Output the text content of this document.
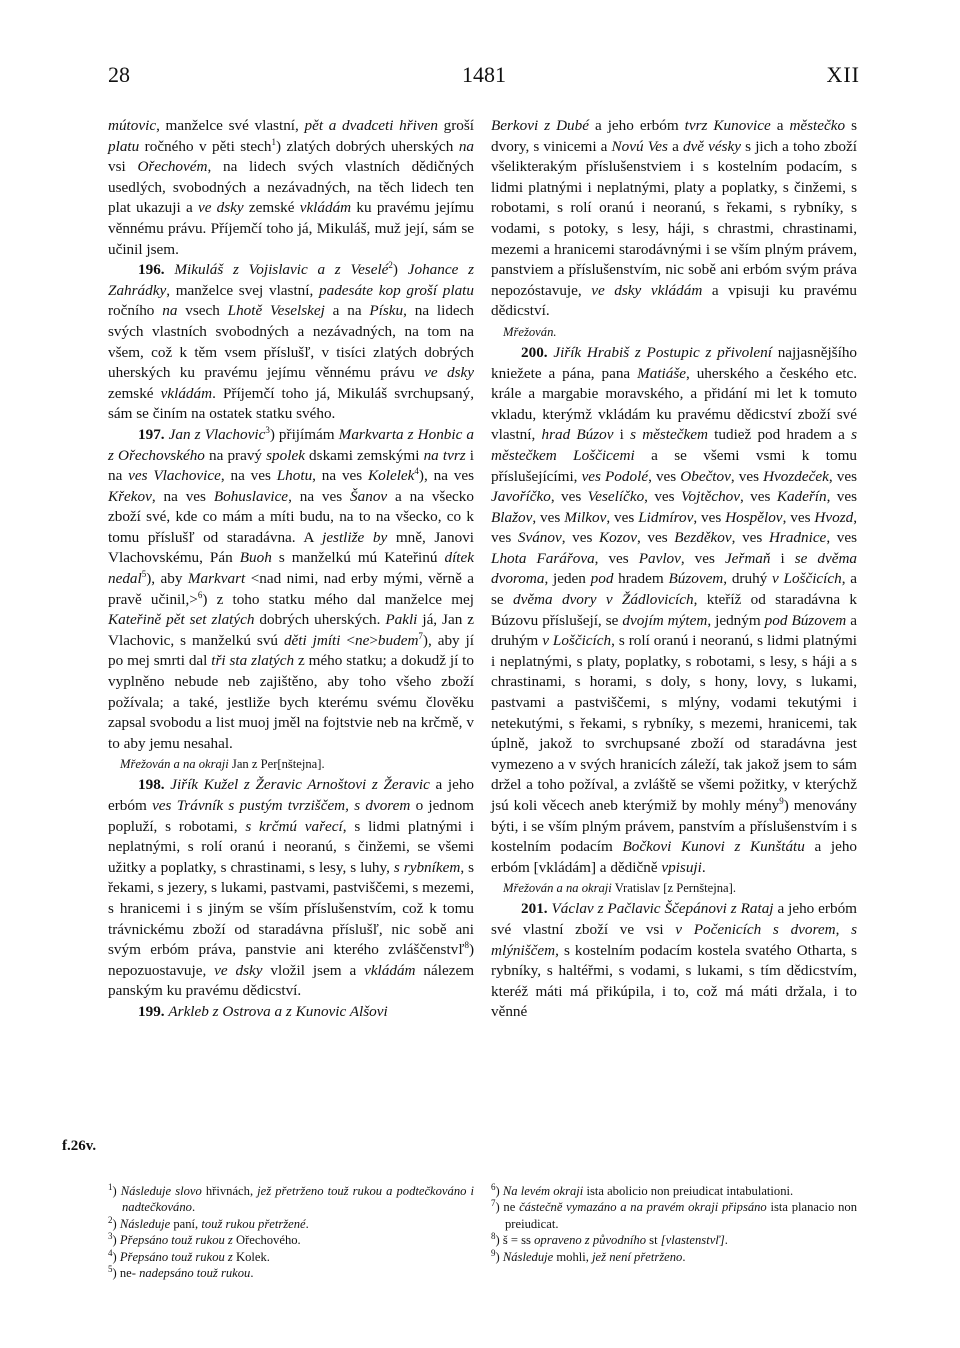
28	1481	XII

mútovic, manželce své vlastní, pět a dvadceti hřiven groší platu ročného v pěti stech$^1$) zlatých dobrých uherských na vsi Ořechovém, na lidech svých vlastních dědičných usedlých, svobodných a nezávadných, na těch lidech ten plat ukazuji a ve dsky zemské vkládám ku pravému jejímu věnnému právu. Příjemčí toho já, Mikuláš, muž její, sám se učinil jsem.

196. Mikuláš z Vojislavic a z Veselé$^2$) Johance z Zahrádky, manželce svej vlastní, padesáte kop groší platu ročního na vsech Lhotě Veselskej a na Písku, na lidech svých vlastních svobodných a nezávadných, na tom na všem, což k těm vsem příslušľ, v tisíci zlatých dobrých uherských ku pravému jejímu věnnému právu ve dsky zemské vkládám. Příjemčí toho já, Mikuláš svrchupsaný, sám se činím na ostatek statku svého.

197. Jan z Vlachovic$^3$) přijímám Markvarta z Honbic a z Ořechovského na pravý spolek dskami zemskými na tvrz i na ves Vlachovice, na ves Lhotu, na ves Kolelek$^4$), na ves Křekov, na ves Bohuslavice, na ves Šanov a na všecko zboží své, kde co mám a míti budu, na to na všecko, co k tomu příslušľ od staradávna. A jestliže by mně, Janovi Vlachovskému, Pán Buoh s manželkú mú Kateřinú dítek nedal$^5$), aby Markvart <nad nimi, nad erby mými, věrně a pravě učinil,>$^6$) z toho statku mého dal manželce mej Kateřině pět set zlatých dobrých uherských. Pakli já, Jan z Vlachovic, s manželkú svú děti jmíti <ne>budem$^7$), aby jí po mej smrti dal tři sta zlatých z mého statku; a dokudž jí to vyplněno nebude neb zajištěno, aby toho všeho zboží požívala; a také, jestliže bych kterému svému člověku zapsal svobodu a list muoj jměl na fojtstvie neb na krčmě, v to aby jemu nesahal.

Mřežován a na okraji Jan z Per[nštejna].

198. Jiřík Kužel z Žeravic Arnoštovi z Žeravic a jeho erbóm ves Trávník s pustým tvrziščem, s dvorem o jednom popluží, s robotami, s krčmú vařecí, s lidmi platnými i neplatnými, s rolí oranú i neoranú, s činžemi, se všemi užitky a poplatky, s chrastinami, s lesy, s luhy, s rybníkem, s řekami, s jezery, s lukami, pastvami, pastviščemi, s mezemi, s hranicemi i s jiným se vším příslušenstvím, což k tomu trávnickému zboží od staradávna příslušľ, nic sobě ani svým erbóm práva, panstvie ani kterého zvláščenstvľ$^8$) nepozuostavuje, ve dsky vložil jsem a vkládám nálezem panským ku pravému dědicství.

199. Arkleb z Ostrova a z Kunovic Alšovi

Berkovi z Dubé a jeho erbóm tvrz Kunovice a městečko s dvory, s vinicemi a Novú Ves a dvě vésky s jich a toho zboží všelikterakým příslušenstviem i s kostelním podacím, s lidmi platnými i neplatnými, platy a poplatky, s činžemi, s robotami, s rolí oranú i neoranú, s řekami, s rybníky, s vodami, s potoky, s lesy, háji, s chrastmi, chrastinami, mezemi a hranicemi starodávnými i se vším plným právem, panstviem a příslušenstvím, nic sobě ani erbóm svým práva nepozóstavuje, ve dsky vkládám a vpisuji ku pravému dědicství.

Mřežován.

200. Jiřík Hrabiš z Postupic z přivolení najjasnějšího kniežete a pána, pana Matiáše, uherského a českého etc. krále a margabie moravského, a přidání mi let k tomuto vkladu, kterýmž vkládám ku pravému dědicství zboží své vlastní, hrad Búzov i s městečkem tudiež pod hradem a s městečkem Loščicemi a se všemi vsmi k tomu příslušejícími, ves Podolé, ves Obečtov, ves Hvozdeček, ves Javoříčko, ves Veselíčko, ves Vojtěchov, ves Kadeřín, ves Blažov, ves Milkov, ves Lidmírov, ves Hospělov, ves Hvozd, ves Svánov, ves Kozov, ves Bezděkov, ves Hradnice, ves Lhota Farářova, ves Pavlov, ves Jeřmaň i se dvěma dvoroma, jeden pod hradem Búzovem, druhý v Loščicích, a se dvěma dvory v Žádlovicích, kteříž od staradávna k Búzovu příslušejí, se dvojím mýtem, jedným pod Búzovem a druhým v Loščicích, s rolí oranú i neoranú, s lidmi platnými i neplatnými, s platy, poplatky, s robotami, s lesy, s háji a s chrastinami, s horami, s doly, s hony, lovy, s lukami, pastvami a pastviščemi, s mlýny, vodami tekutými i netekutými, s řekami, s rybníky, s mezemi, hranicemi, tak úplně, jakož to svrchupsané zboží od staradávna jest vymezeno a v svých hranicích záleží, tak jakož jsem to sám držel a toho požíval, a zvláště se všemi požitky, v kterýchž jsú koli věcech aneb kterýmiž by mohly ménу$^9$) menovány býti, i se vším plným právem, panstvím a příslušenstvím i s kostelním podacím Bočkovi Kunovi z Kunštátu a jeho erbóm [vkládám] a dědičně vpisuji.

Mřežován a na okraji Vratislav [z Pernštejna].

201. Václav z Pačlavic Ščepánovi z Rataj a jeho erbóm své vlastní zboží ve vsi v Počenicích s dvorem, s mlýniščem, s kostelním podacím kostela svatého Otharta, s rybníky, s haltéřmi, s vodami, s lukami, s tím dědicstvím, kteréž máti má přikúpila, i to, což má máti držala, i to věnné

f.26v.
$^1$) Následuje slovo hřivnách, jež přetrženo touž rukou a podtečkováno i nadtečkováno.
$^2$) Následuje paní, touž rukou přetržené.
$^3$) Přepsáno touž rukou z Ořechového.
$^4$) Přepsáno touž rukou z Kolek.
$^5$) ne- nadepsáno touž rukou.
$^6$) Na levém okraji ista abolicio non preiudicat intabulationi.
$^7$) ne částečně vymazáno a na pravém okraji připsáno ista planacio non preiudicat.
$^8$) š = ss opraveno z původního st [vlastenstvľ].
$^9$) Následuje mohli, jež není přetrženo.
